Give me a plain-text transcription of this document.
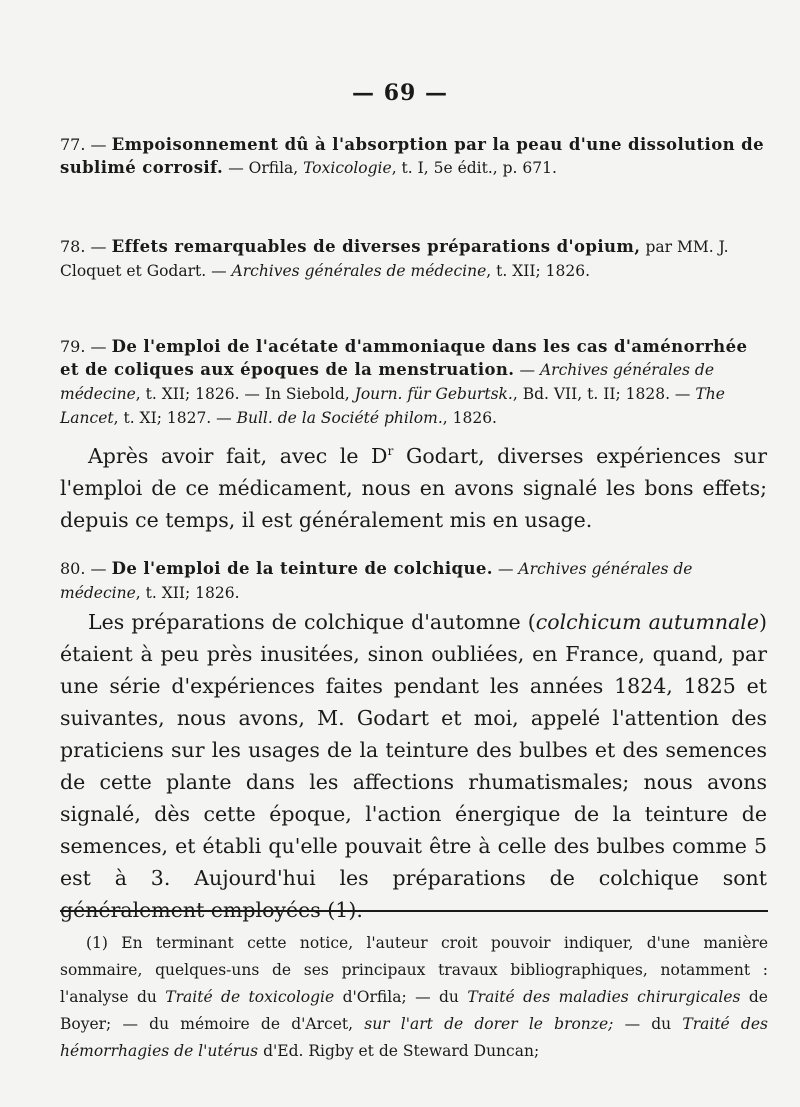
— 69 —
77. — Empoisonnement dû à l'absorption par la peau d'une dissolution de sublimé corrosif. — Orfila, Toxicologie, t. I, 5e édit., p. 671.
78. — Effets remarquables de diverses préparations d'opium, par MM. J. Cloquet et Godart. — Archives générales de médecine, t. XII; 1826.
79. — De l'emploi de l'acétate d'ammoniaque dans les cas d'aménorrhée et de coliques aux époques de la menstruation. — Archives générales de médecine, t. XII; 1826. — In Siebold, Journ. für Geburtsk., Bd. VII, t. II; 1828. — The Lancet, t. XI; 1827. — Bull. de la Société philom., 1826.
Après avoir fait, avec le $D^r$ Godart, diverses expériences sur l'emploi de ce médicament, nous en avons signalé les bons effets; depuis ce temps, il est généralement mis en usage.
80. — De l'emploi de la teinture de colchique. — Archives générales de médecine, t. XII; 1826.
Les préparations de colchique d'automne (colchicum autumnale) étaient à peu près inusitées, sinon oubliées, en France, quand, par une série d'expériences faites pendant les années 1824, 1825 et suivantes, nous avons, M. Godart et moi, appelé l'attention des praticiens sur les usages de la teinture des bulbes et des semences de cette plante dans les affections rhumatismales; nous avons signalé, dès cette époque, l'action énergique de la teinture de semences, et établi qu'elle pouvait être à celle des bulbes comme 5 est à 3. Aujourd'hui les préparations de colchique sont généralement employées (1).
(1) En terminant cette notice, l'auteur croit pouvoir indiquer, d'une manière sommaire, quelques-uns de ses principaux travaux bibliographiques, notamment : l'analyse du Traité de toxicologie d'Orfila; — du Traité des maladies chirurgicales de Boyer; — du mémoire de d'Arcet, sur l'art de dorer le bronze; — du Traité des hémorrhagies de l'utérus d'Ed. Rigby et de Steward Duncan;
